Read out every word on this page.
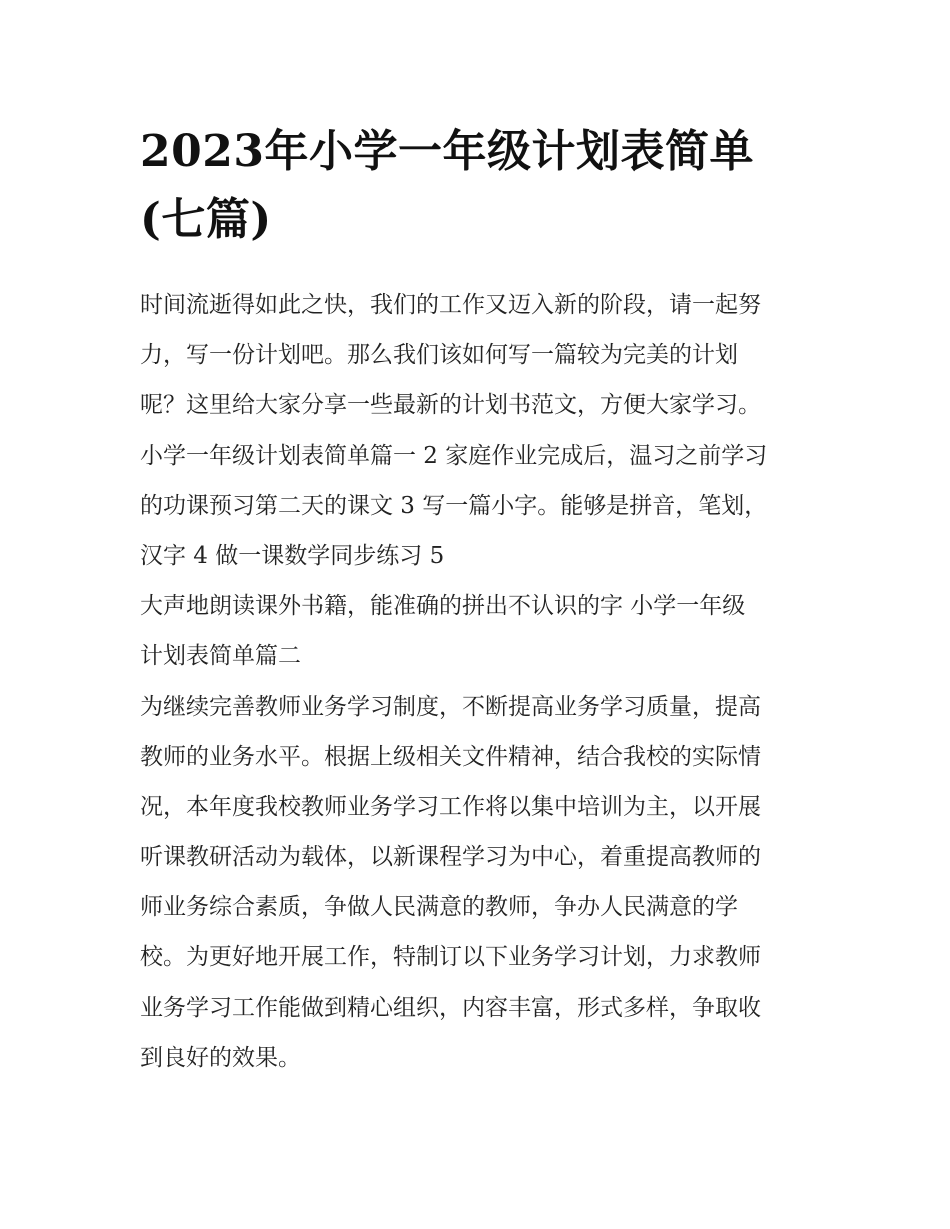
2023年小学一年级计划表简单
(七篇)
时间流逝得如此之快，我们的工作又迈入新的阶段，请一起努
力，写一份计划吧。那么我们该如何写一篇较为完美的计划
呢？这里给大家分享一些最新的计划书范文，方便大家学习。
小学一年级计划表简单篇一 2 家庭作业完成后，温习之前学习
的功课预习第二天的课文 3 写一篇小字。能够是拼音，笔划，
汉字 4 做一课数学同步练习 5
大声地朗读课外书籍，能准确的拼出不认识的字 小学一年级
计划表简单篇二
为继续完善教师业务学习制度，不断提高业务学习质量，提高
教师的业务水平。根据上级相关文件精神，结合我校的实际情
况，本年度我校教师业务学习工作将以集中培训为主，以开展
听课教研活动为载体，以新课程学习为中心，着重提高教师的
师业务综合素质，争做人民满意的教师，争办人民满意的学
校。为更好地开展工作，特制订以下业务学习计划，力求教师
业务学习工作能做到精心组织，内容丰富，形式多样，争取收
到良好的效果。
